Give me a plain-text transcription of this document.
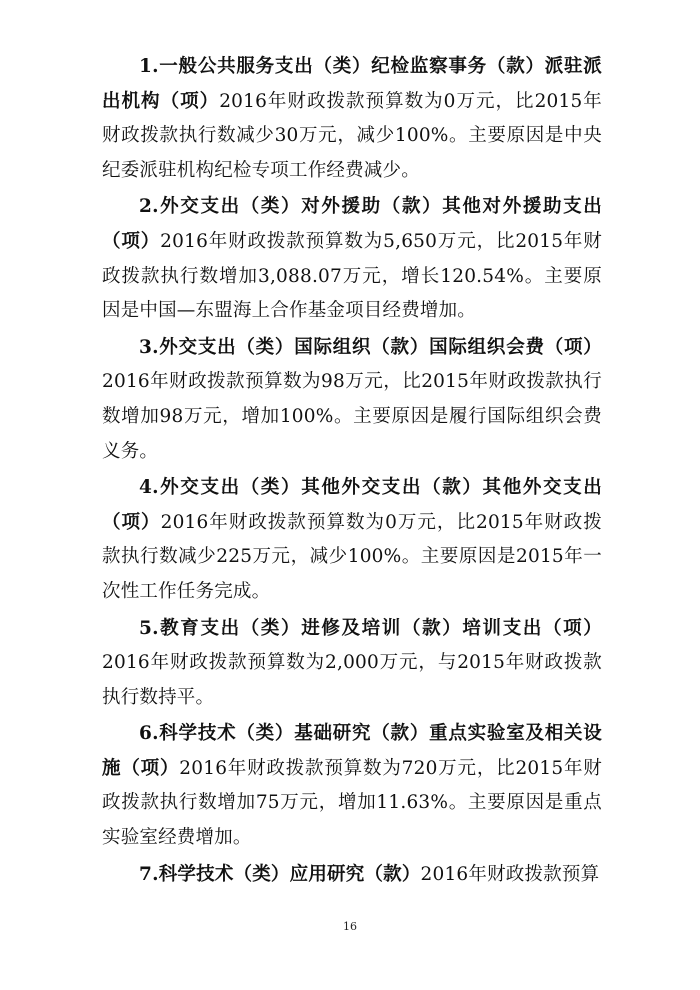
1.一般公共服务支出（类）纪检监察事务（款）派驻派出机构（项）2016年财政拨款预算数为0万元，比2015年财政拨款执行数减少30万元，减少100%。主要原因是中央纪委派驻机构纪检专项工作经费减少。

2.外交支出（类）对外援助（款）其他对外援助支出（项）2016年财政拨款预算数为5,650万元，比2015年财政拨款执行数增加3,088.07万元，增长120.54%。主要原因是中国—东盟海上合作基金项目经费增加。

3.外交支出（类）国际组织（款）国际组织会费（项）2016年财政拨款预算数为98万元，比2015年财政拨款执行数增加98万元，增加100%。主要原因是履行国际组织会费义务。

4.外交支出（类）其他外交支出（款）其他外交支出（项）2016年财政拨款预算数为0万元，比2015年财政拨款执行数减少225万元，减少100%。主要原因是2015年一次性工作任务完成。

5.教育支出（类）进修及培训（款）培训支出（项）2016年财政拨款预算数为2,000万元，与2015年财政拨款执行数持平。

6.科学技术（类）基础研究（款）重点实验室及相关设施（项）2016年财政拨款预算数为720万元，比2015年财政拨款执行数增加75万元，增加11.63%。主要原因是重点实验室经费增加。

7.科学技术（类）应用研究（款）2016年财政拨款预算

16
